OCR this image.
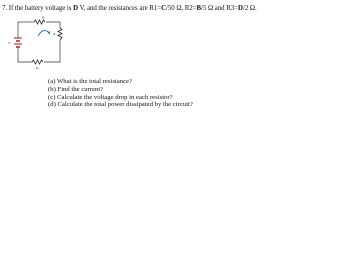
7. If the battery voltage is D V, and the resistances are R1=C/50 Ω, R2=B/5 Ω and R3=D/2 Ω.
R₁
R₂
R₃
V
(a) What is the total resistance?
(b) Find the current?
(c) Calculate the voltage drop in each resistor?
(d) Calculate the total power dissipated by the circuit?
